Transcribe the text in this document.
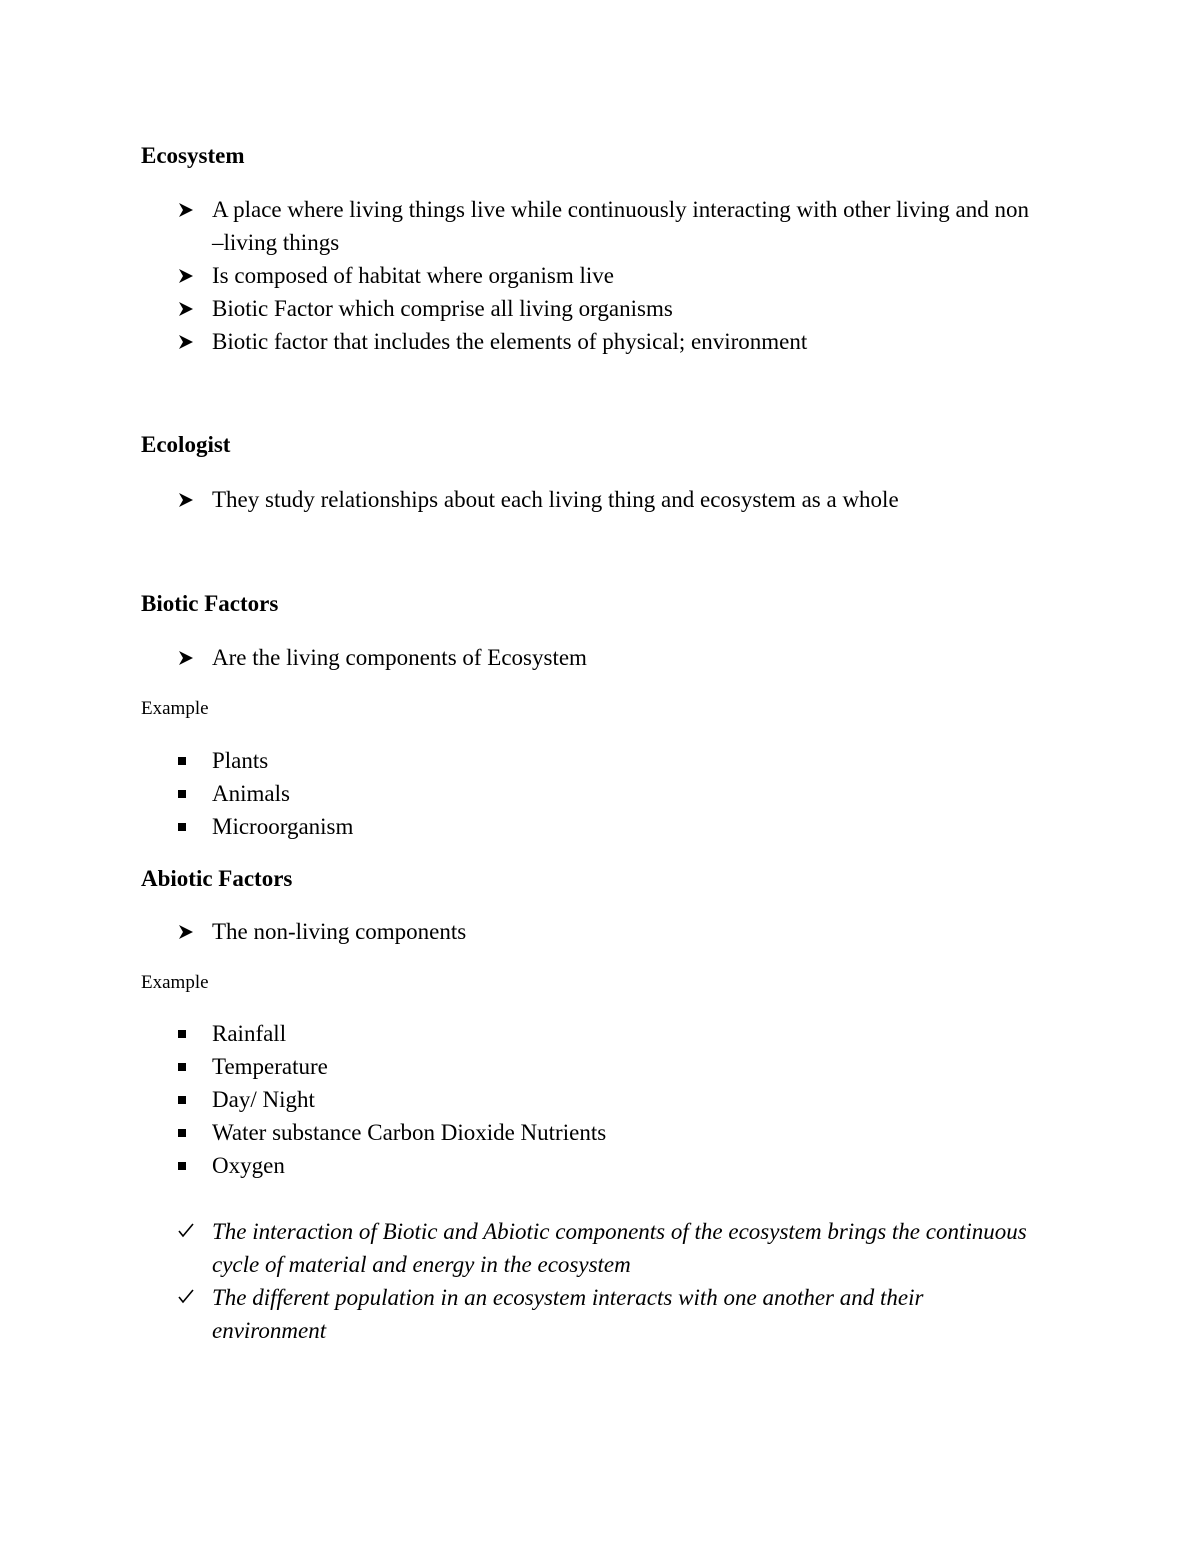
Ecosystem

A place where living things live while continuously interacting with other living and non –living things
Is composed of habitat where organism live
Biotic Factor which comprise all living organisms
Biotic factor that includes the elements of physical; environment

Ecologist

They study relationships about each living thing and ecosystem as a whole

Biotic Factors

Are the living components of Ecosystem

Example

Plants
Animals
Microorganism

Abiotic Factors

The non-living components

Example

Rainfall
Temperature
Day/ Night
Water substance Carbon Dioxide Nutrients
Oxygen
The interaction of Biotic and Abiotic components of the ecosystem brings the continuous cycle of material and energy in the ecosystem
The different population in an ecosystem interacts with one another and their environment
